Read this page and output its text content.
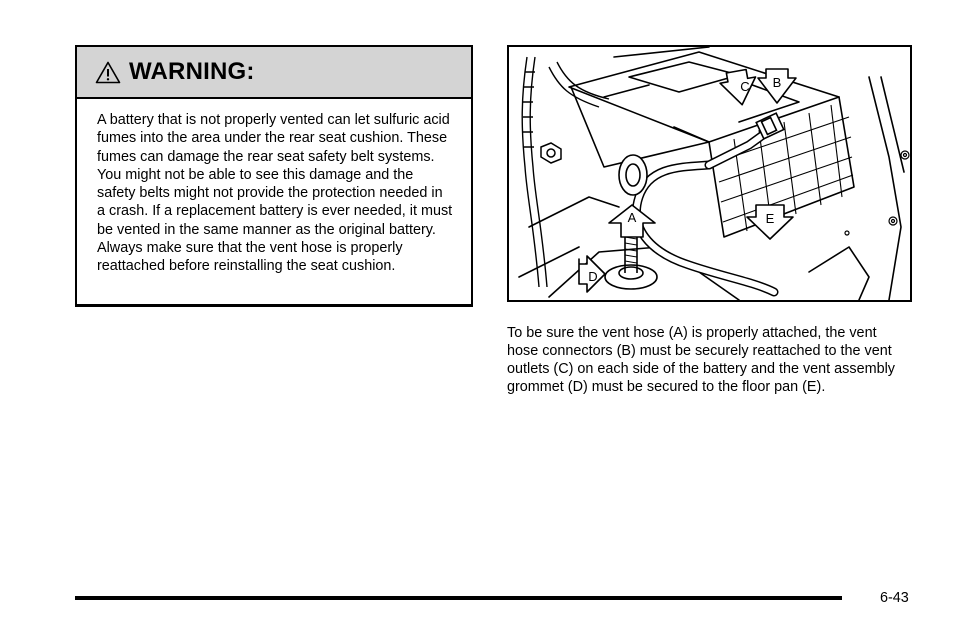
WARNING:
A battery that is not properly vented can let sulfuric acid fumes into the area under the rear seat cushion. These fumes can damage the rear seat safety belt systems. You might not be able to see this damage and the safety belts might not provide the protection needed in a crash. If a replacement battery is ever needed, it must be vented in the same manner as the original battery. Always make sure that the vent hose is properly reattached before reinstalling the seat cushion.
C B
A
D
E
To be sure the vent hose (A) is properly attached, the vent hose connectors (B) must be securely reattached to the vent outlets (C) on each side of the battery and the vent assembly grommet (D) must be secured to the floor pan (E).
6-43
